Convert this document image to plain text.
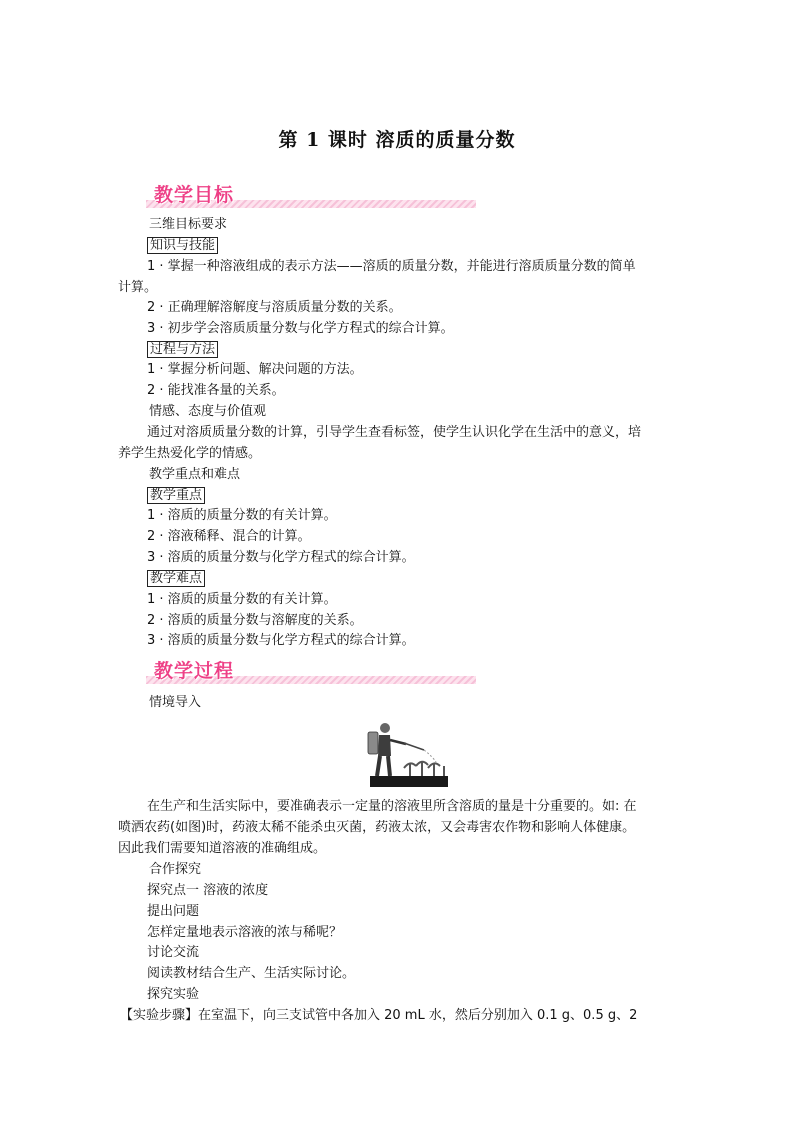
第 1 课时 溶质的质量分数
教学目标
三维目标要求
知识与技能
1 · 掌握一种溶液组成的表示方法——溶质的质量分数，并能进行溶质质量分数的简单
计算。
2 · 正确理解溶解度与溶质质量分数的关系。
3 · 初步学会溶质质量分数与化学方程式的综合计算。
过程与方法
1 · 掌握分析问题、解决问题的方法。
2 · 能找准各量的关系。
情感、态度与价值观
通过对溶质质量分数的计算，引导学生查看标签，使学生认识化学在生活中的意义，培
养学生热爱化学的情感。
教学重点和难点
教学重点
1 · 溶质的质量分数的有关计算。
2 · 溶液稀释、混合的计算。
3 · 溶质的质量分数与化学方程式的综合计算。
教学难点
1 · 溶质的质量分数的有关计算。
2 · 溶质的质量分数与溶解度的关系。
3 · 溶质的质量分数与化学方程式的综合计算。
教学过程
情境导入
在生产和生活实际中，要准确表示一定量的溶液里所含溶质的量是十分重要的。如: 在
喷洒农药(如图)时，药液太稀不能杀虫灭菌，药液太浓，又会毒害农作物和影响人体健康。
因此我们需要知道溶液的准确组成。
合作探究
探究点一 溶液的浓度
提出问题
怎样定量地表示溶液的浓与稀呢？
讨论交流
阅读教材结合生产、生活实际讨论。
探究实验
【实验步骤】在室温下，向三支试管中各加入 20 mL 水，然后分别加入 0.1 g、0.5 g、2
